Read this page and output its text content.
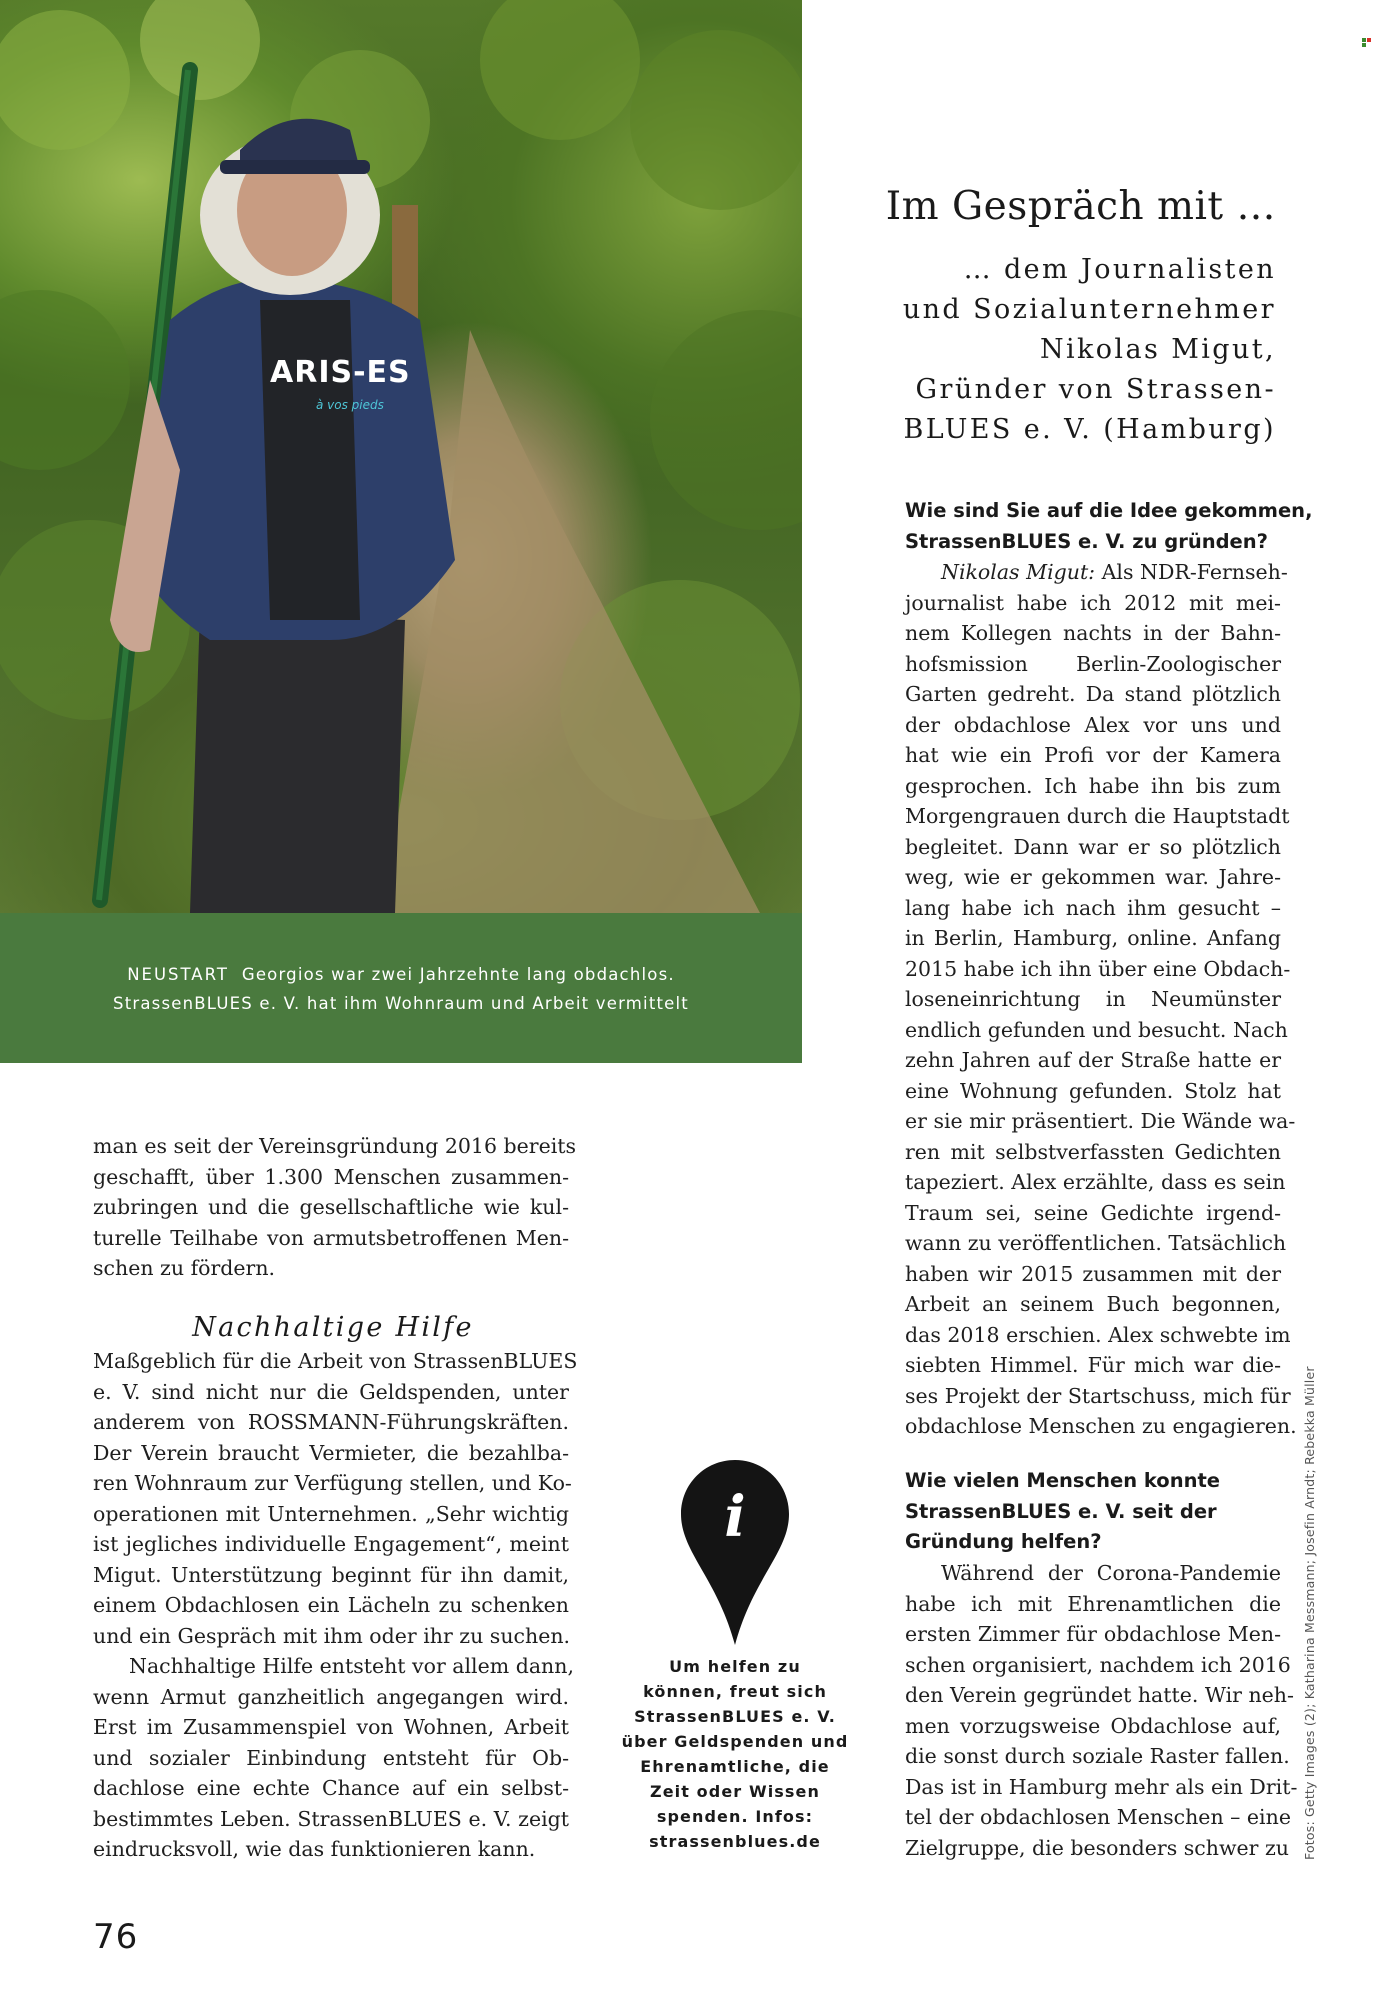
ARIS-ES
à vos pieds
NEUSTART Georgios war zwei Jahrzehnte lang obdachlos.
StrassenBLUES e. V. hat ihm Wohnraum und Arbeit vermittelt
Im Gespräch mit …
… dem Journalisten
und Sozialunternehmer
Nikolas Migut,
Gründer von Strassen-
BLUES e. V. (Hamburg)
man es seit der Vereinsgründung 2016 bereits
geschafft, über 1.300 Menschen zusammen-
zubringen und die gesellschaftliche wie kul-
turelle Teilhabe von armutsbetroffenen Men-
schen zu fördern.
Nachhaltige Hilfe
Maßgeblich für die Arbeit von StrassenBLUES
e. V. sind nicht nur die Geldspenden, unter
anderem von ROSSMANN-Führungskräften.
Der Verein braucht Vermieter, die bezahlba-
ren Wohnraum zur Verfügung stellen, und Ko-
operationen mit Unternehmen. „Sehr wichtig
ist jegliches individuelle Engagement“, meint
Migut. Unterstützung beginnt für ihn damit,
einem Obdachlosen ein Lächeln zu schenken
und ein Gespräch mit ihm oder ihr zu suchen.
Nachhaltige Hilfe entsteht vor allem dann,
wenn Armut ganzheitlich angegangen wird.
Erst im Zusammenspiel von Wohnen, Arbeit
und sozialer Einbindung entsteht für Ob-
dachlose eine echte Chance auf ein selbst-
bestimmtes Leben. StrassenBLUES e. V. zeigt
eindrucksvoll, wie das funktionieren kann.
i
Um helfen zu
können, freut sich
StrassenBLUES e. V.
über Geldspenden und
Ehrenamtliche, die
Zeit oder Wissen
spenden. Infos:
strassenblues.de
Wie sind Sie auf die Idee gekommen,
StrassenBLUES e. V. zu gründen?
Nikolas Migut: Als NDR-Fernseh-
journalist habe ich 2012 mit mei-
nem Kollegen nachts in der Bahn-
hofsmission Berlin-Zoologischer
Garten gedreht. Da stand plötzlich
der obdachlose Alex vor uns und
hat wie ein Profi vor der Kamera
gesprochen. Ich habe ihn bis zum
Morgengrauen durch die Hauptstadt
begleitet. Dann war er so plötzlich
weg, wie er gekommen war. Jahre-
lang habe ich nach ihm gesucht –
in Berlin, Hamburg, online. Anfang
2015 habe ich ihn über eine Obdach-
loseneinrichtung in Neumünster
endlich gefunden und besucht. Nach
zehn Jahren auf der Straße hatte er
eine Wohnung gefunden. Stolz hat
er sie mir präsentiert. Die Wände wa-
ren mit selbstverfassten Gedichten
tapeziert. Alex erzählte, dass es sein
Traum sei, seine Gedichte irgend-
wann zu veröffentlichen. Tatsächlich
haben wir 2015 zusammen mit der
Arbeit an seinem Buch begonnen,
das 2018 erschien. Alex schwebte im
siebten Himmel. Für mich war die-
ses Projekt der Startschuss, mich für
obdachlose Menschen zu engagieren.
Wie vielen Menschen konnte
StrassenBLUES e. V. seit der
Gründung helfen?
Während der Corona-Pandemie
habe ich mit Ehrenamtlichen die
ersten Zimmer für obdachlose Men-
schen organisiert, nachdem ich 2016
den Verein gegründet hatte. Wir neh-
men vorzugsweise Obdachlose auf,
die sonst durch soziale Raster fallen.
Das ist in Hamburg mehr als ein Drit-
tel der obdachlosen Menschen – eine
Zielgruppe, die besonders schwer zu Fotos: Getty Images (2); Katharina Messmann; Josefin Arndt; Rebekka Müller
76
